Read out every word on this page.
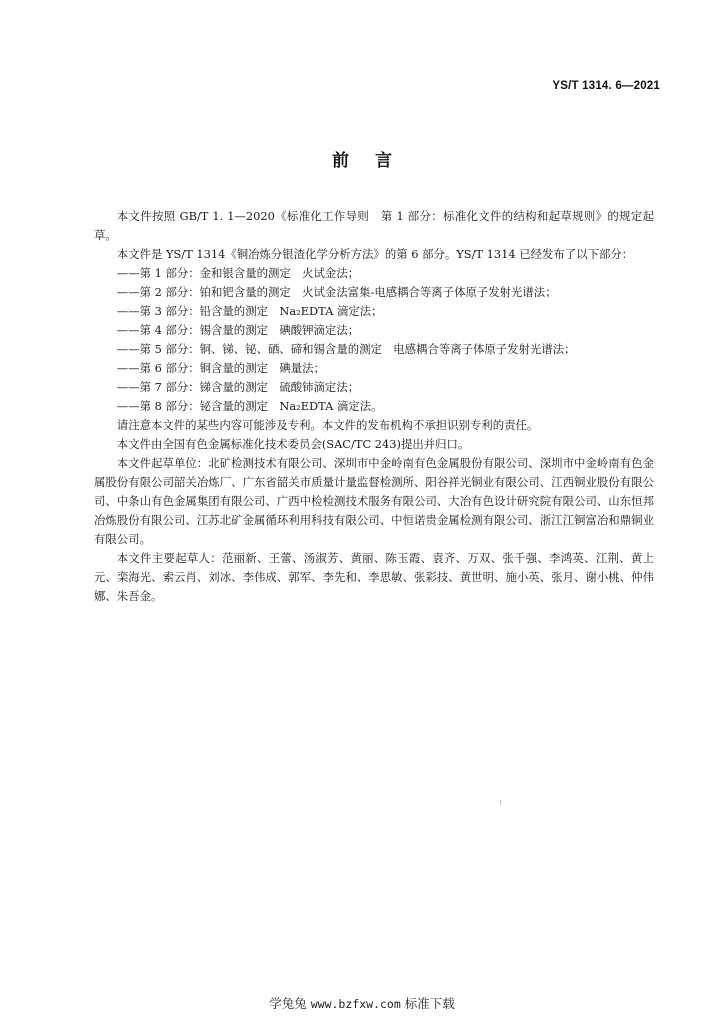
YS/T 1314. 6—2021
前言

本文件按照 GB/T 1. 1—2020《标准化工作导则　第 1 部分：标准化文件的结构和起草规则》的规定起草。

本文件是 YS/T 1314《铜冶炼分银渣化学分析方法》的第 6 部分。YS/T 1314 已经发布了以下部分：

——第 1 部分：金和银含量的测定　火试金法；

——第 2 部分：铂和钯含量的测定　火试金法富集-电感耦合等离子体原子发射光谱法；

——第 3 部分：铅含量的测定　Na₂EDTA 滴定法；

——第 4 部分：锡含量的测定　碘酸钾滴定法；

——第 5 部分：铜、锑、铋、硒、碲和锡含量的测定　电感耦合等离子体原子发射光谱法；

——第 6 部分：铜含量的测定　碘量法；

——第 7 部分：锑含量的测定　硫酸铈滴定法；

——第 8 部分：铋含量的测定　Na₂EDTA 滴定法。

请注意本文件的某些内容可能涉及专利。本文件的发布机构不承担识别专利的责任。

本文件由全国有色金属标准化技术委员会(SAC/TC 243)提出并归口。

本文件起草单位：北矿检测技术有限公司、深圳市中金岭南有色金属股份有限公司、深圳市中金岭南有色金属股份有限公司韶关冶炼厂、广东省韶关市质量计量监督检测所、阳谷祥光铜业有限公司、江西铜业股份有限公司、中条山有色金属集团有限公司、广西中检检测技术服务有限公司、大冶有色设计研究院有限公司、山东恒邦冶炼股份有限公司、江苏北矿金属循环利用科技有限公司、中恒诺贵金属检测有限公司、浙江江铜富冶和鼎铜业有限公司。

本文件主要起草人：范丽新、王蕾、汤淑芳、黄丽、陈玉霞、袁齐、万双、张千强、李鸿英、江荆、黄上元、栾海光、索云肖、刘冰、李伟成、郭军、李先和、李思敏、张彩技、黄世明、施小英、张月、谢小桃、仲伟娜、朱吾金。

学兔兔 www.bzfxw.com 标准下载
